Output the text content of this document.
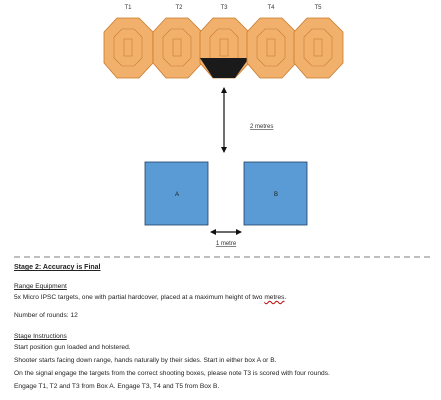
T1	T2	T3	T4	T5
2 metres
A	B
1 metre
Stage 2: Accuracy is Final
Range Equipment
5x Micro IPSC targets, one with partial hardcover, placed at a maximum height of two metres.
Number of rounds: 12
Stage Instructions
Start position gun loaded and holstered.
Shooter starts facing down range, hands naturally by their sides. Start in either box A or B.
On the signal engage the targets from the correct shooting boxes, please note T3 is scored with four rounds.
Engage T1, T2 and T3 from Box A. Engage T3, T4 and T5 from Box B.
